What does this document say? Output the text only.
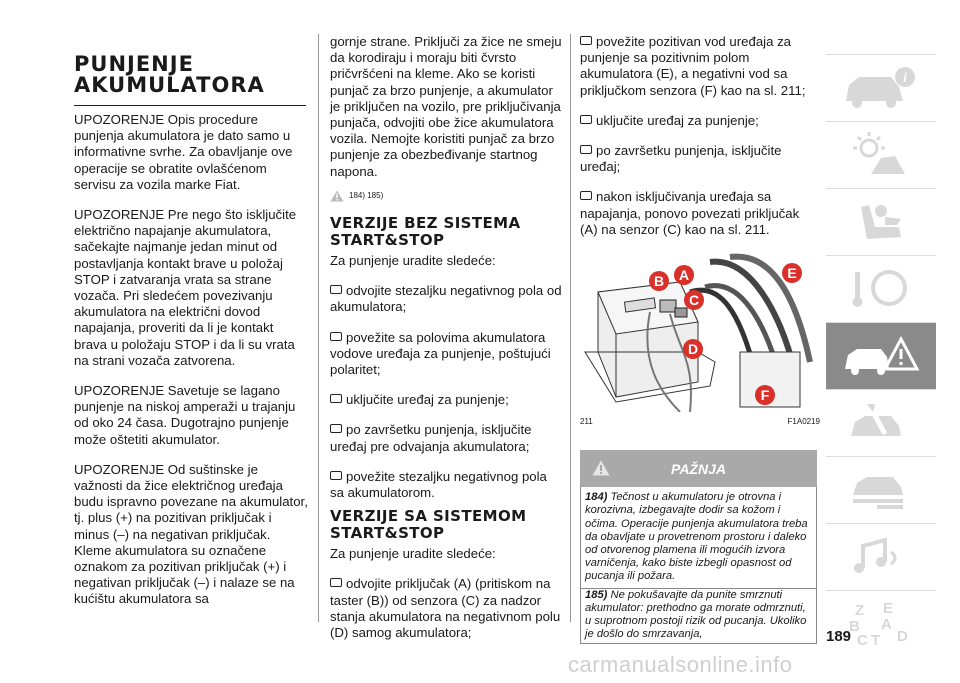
PUNJENJE
AKUMULATORA

UPOZORENJE Opis procedure punjenja akumulatora je dato samo u informativne svrhe. Za obavljanje ove operacije se obratite ovlašćenom servisu za vozila marke Fiat.

UPOZORENJE Pre nego što isključite električno napajanje akumulatora, sačekajte najmanje jedan minut od postavljanja kontakt brave u položaj STOP i zatvaranja vrata sa strane vozača. Pri sledećem povezivanju akumulatora na električni dovod napajanja, proveriti da li je kontakt brava u položaju STOP i da li su vrata na strani vozača zatvorena.

UPOZORENJE Savetuje se lagano punjenje na niskoj amperaži u trajanju od oko 24 časa. Dugotrajno punjenje može oštetiti akumulator.

UPOZORENJE Od suštinske je važnosti da žice električnog uređaja budu ispravno povezane na akumulator, tj. plus (+) na pozitivan priključak i minus (–) na negativan priključak. Kleme akumulatora su označene oznakom za pozitivan priključak (+) i negativan priključak (–) i nalaze se na kućištu akumulatora sa

gornje strane. Priključi za žice ne smeju da korodiraju i moraju biti čvrsto pričvršćeni na kleme. Ako se koristi punjač za brzo punjenje, a akumulator je priključen na vozilo, pre priključivanja punjača, odvojiti obe žice akumulatora vozila. Nemojte koristiti punjač za brzo punjenje za obezbeđivanje startnog napona.

184) 185)
VERZIJE BEZ SISTEMA
START&STOP

Za punjenje uradite sledeće:

odvojite stezaljku negativnog pola od akumulatora;

povežite sa polovima akumulatora vodove uređaja za punjenje, poštujući polaritet;

uključite uređaj za punjenje;

po završetku punjenja, isključite uređaj pre odvajanja akumulatora;

povežite stezaljku negativnog pola sa akumulatorom.

VERZIJE SA SISTEMOM
START&STOP

Za punjenje uradite sledeće:

odvojite priključak (A) (pritiskom na taster (B)) od senzora (C) za nadzor stanja akumulatora na negativnom polu (D) samog akumulatora;

povežite pozitivan vod uređaja za punjenje sa pozitivnim polom akumulatora (E), a negativni vod sa priključkom senzora (F) kao na sl. 211;

uključite uređaj za punjenje;

po završetku punjenja, isključite uređaj;

nakon isključivanja uređaja sa napajanja, ponovo povezati priključak (A) na senzor (C) kao na sl. 211.

B A
C
D
E
F
211	F1A0219
PAŽNJA
184) Tečnost u akumulatoru je otrovna i korozivna, izbegavajte dodir sa kožom i očima. Operacije punjenja akumulatora treba da obavljate u provetrenom prostoru i daleko od otvorenog plamena ili mogućih izvora varničenja, kako biste izbegli opasnost od pucanja ili požara.
185) Ne pokušavajte da punite smrznuti akumulator: prethodno ga morate odmrznuti, u suprotnom postoji rizik od pucanja. Ukoliko je došlo do smrzavanja,
i
Z E
B A
C T D
189
carmanualsonline.info
